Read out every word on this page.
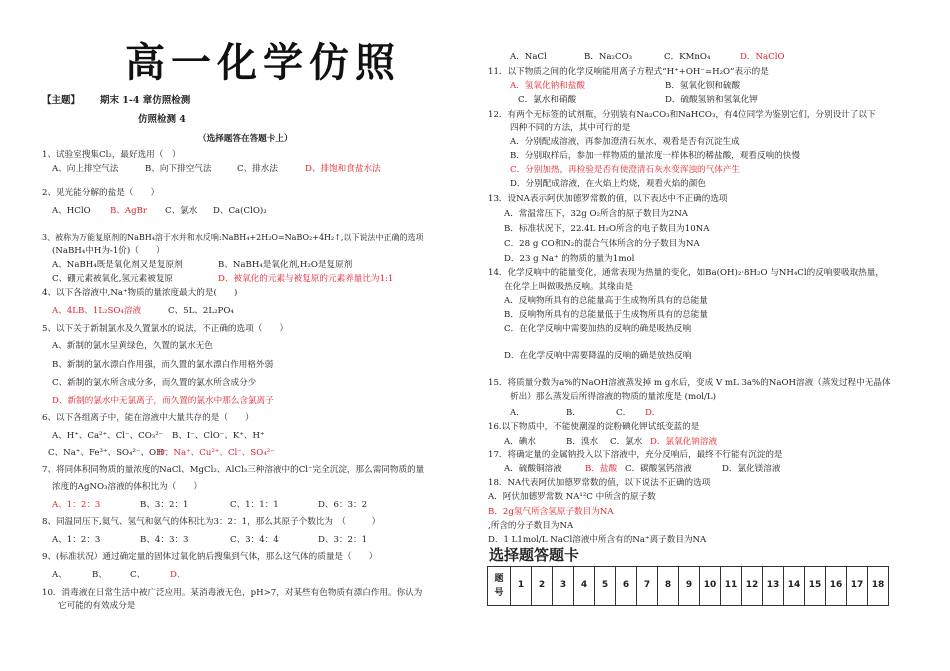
高一化学仿照
【主题】 期末 1-4 章仿照检测
仿照检测 4
（选择题答在答题卡上）
1、试验室搜集Cl₂，最好选用（　）
A、向上排空气法	B、向下排空气法	C、排水法	D、排饱和食盐水法
2、见光能分解的盐是（　　）
A、HClO B、AgBr C、氯水 D、Ca(ClO)₂
3、被称为万能复原剂的NaBH₄溶于水并和水反响:NaBH₄+2H₂O=NaBO₂+4H₂↑,以下说法中正确的选项
(NaBH₄中H为-1价)（　　）
A、NaBH₄既是氧化剂又是复原剂	B、NaBH₄是氧化剂,H₂O是复原剂
C、硼元素被氧化,氢元素被复原	D、被氧化的元素与被复原的元素养量比为1:1
4、以下各溶液中,Na⁺物质的量浓度最大的是(　　)
A、4LB、1L₂SO₄溶液	C、5L、2L₂PO₄
5、以下关于新制氯水及久置氯水的说法，不正确的选项（　　）
A、新制的氯水呈黄绿色，久置的氯水无色
B、新制的氯水漂白作用强，而久置的氯水漂白作用格外弱
C、新制的氯水所含成分多，而久置的氯水所含成分少
D、新制的氯水中无氯离子，而久置的氯水中那么含氯离子
6、以下各组离子中，能在溶液中大量共存的是（　　）
A、H⁺、Ca²⁺、Cl⁻、CO₃²⁻ B、I⁻、ClO⁻、K⁺、H⁺
C、Na⁺、Fe³⁺、SO₄²⁻、OH⁻
D、Na⁺、Cu²⁺、Cl⁻、SO₄²⁻
7、将同体积同物质的量浓度的NaCl、MgCl₂、AlCl₃三种溶液中的Cl⁻完全沉淀，那么需同物质的量
浓度的AgNO₃溶液的体积比为（　　）
A、1：2：3	B、3：2：1	C、1：1：1	D、6：3：2
8、同温同压下,氦气、氢气和氨气的体积比为3：2：1，那么其原子个数比为　（　　　）
A、1：2：3	B、4：3：3	C、3：4：4	D、3：2：1
9、(标准状况）通过确定量的固体过氧化钠后搜集到气体，那么这气体的质量是（　　）
A、	B、	C、	D、
10．消毒液在日常生活中被广泛应用。某消毒液无色，pH>7，对某些有色物质有漂白作用。你认为
它可能的有效成分是
A．NaCl	B．Na₂CO₃	C．KMnO₄	D．NaClO
11．以下物质之间的化学反响能用离子方程式“H⁺+OH⁻=H₂O”表示的是
A．氢氧化钠和盐酸	B．氢氧化钡和硫酸
C．氯水和硝酸	D．硫酸氢钠和氢氧化钾
12．有两个无标签的试剂瓶，分别装有Na₂CO₃和NaHCO₃，有4位同学为鉴别它们，分别设计了以下
四种不同的方法，其中可行的是
A．分别配成溶液，再参加澄清石灰水，观看是否有沉淀生成
B．分别取样后，参加一样物质的量浓度一样体积的稀盐酸，观看反响的快慢
C．分别加热，再检验是否有使澄清石灰水变浑浊的气体产生
D．分别配成溶液，在火焰上灼烧，观看火焰的颜色
13．设NA表示阿伏加德罗常数的值，以下表达中不正确的选项
A．常温常压下，32g O₂所含的原子数目为2NA
B．标准状况下，22.4L H₂O所含的电子数目为10NA
C．28 g CO和N₂的混合气体所含的分子数目为NA
D．23 g Na⁺ 的物质的量为1mol
14．化学反响中的能量变化，通常表现为热量的变化，如Ba(OH)₂·8H₂O 与NH₄Cl的反响要吸取热量，
在化学上叫做吸热反响。其缘由是
A．反响物所具有的总能量高于生成物所具有的总能量
B．反响物所具有的总能量低于生成物所具有的总能量
C．在化学反响中需要加热的反响的确是吸热反响
D．在化学反响中需要降温的反响的确是放热反响
15．将质量分数为a%的NaOH溶液蒸发掉 m g水后，变成 V mL 3a%的NaOH溶液（蒸发过程中无晶体
析出）那么蒸发后所得溶液的物质的量浓度是 (mol/L)
A．	B．	C． D．
16.以下物质中，不能使潮湿的淀粉碘化钾试纸变蓝的是
A．碘水	B．溴水 C．氯水 D．氯氧化钠溶液
17．将确定量的金属钠投入以下溶液中，充分反响后，最终不行能有沉淀的是
A．硫酸铜溶液	B．盐酸 C．碳酸氢钙溶液	D．氯化镁溶液
18．NA代表阿伏加德罗常数的值，以下说法不正确的选项
A．阿伏加德罗常数 NA¹²C 中所含的原子数
B．2g氢气所含氢原子数目为NA
,所含的分子数目为NA
D．1 L1mol/L NaCl溶液中所含有的Na⁺离子数目为NA
选择题答题卡
题号	1	2	3	4	5	6	7	8	9	10	11	12	13	14	15	16	17	18
